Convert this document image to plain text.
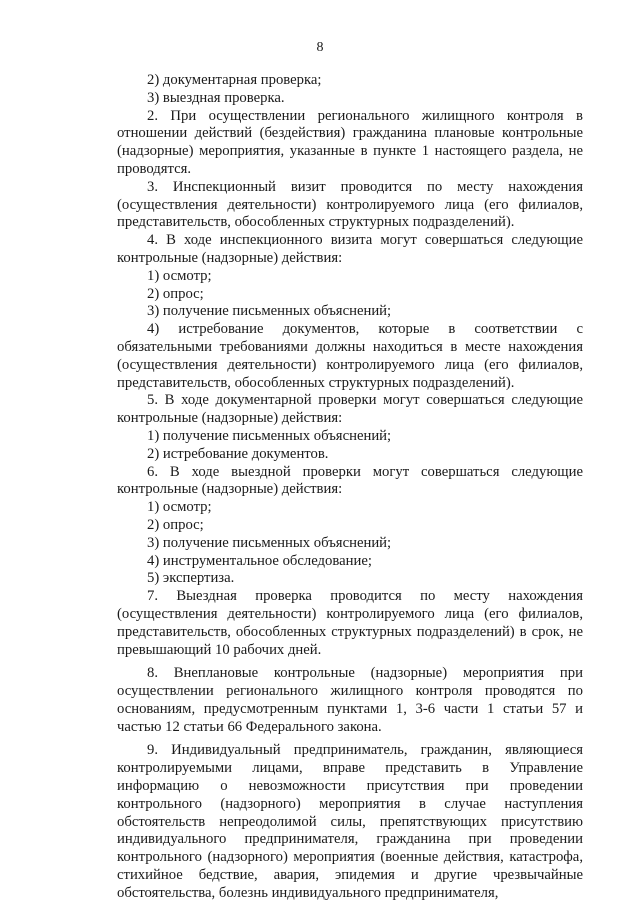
8

2) документарная проверка;

3) выездная проверка.

2. При осуществлении регионального жилищного контроля в отношении действий (бездействия) гражданина плановые контрольные (надзорные) мероприятия, указанные в пункте 1 настоящего раздела, не проводятся.

3. Инспекционный визит проводится по месту нахождения (осуществления деятельности) контролируемого лица (его филиалов, представительств, обособленных структурных подразделений).

4. В ходе инспекционного визита могут совершаться следующие контрольные (надзорные) действия:

1) осмотр;

2) опрос;

3) получение письменных объяснений;

4) истребование документов, которые в соответствии с обязательными требованиями должны находиться в месте нахождения (осуществления деятельности) контролируемого лица (его филиалов, представительств, обособленных структурных подразделений).

5. В ходе документарной проверки могут совершаться следующие контрольные (надзорные) действия:

1) получение письменных объяснений;

2) истребование документов.

6. В ходе выездной проверки могут совершаться следующие контрольные (надзорные) действия:

1) осмотр;

2) опрос;

3) получение письменных объяснений;

4) инструментальное обследование;

5) экспертиза.

7. Выездная проверка проводится по месту нахождения (осуществления деятельности) контролируемого лица (его филиалов, представительств, обособленных структурных подразделений) в срок, не превышающий 10 рабочих дней.

8. Внеплановые контрольные (надзорные) мероприятия при осуществлении регионального жилищного контроля проводятся по основаниям, предусмотренным пунктами 1, 3-6 части 1 статьи 57 и частью 12 статьи 66 Федерального закона.

9. Индивидуальный предприниматель, гражданин, являющиеся контролируемыми лицами, вправе представить в Управление информацию о невозможности присутствия при проведении контрольного (надзорного) мероприятия в случае наступления обстоятельств непреодолимой силы, препятствующих присутствию индивидуального предпринимателя, гражданина при проведении контрольного (надзорного) мероприятия (военные действия, катастрофа, стихийное бедствие, авария, эпидемия и другие чрезвычайные обстоятельства, болезнь индивидуального предпринимателя,
